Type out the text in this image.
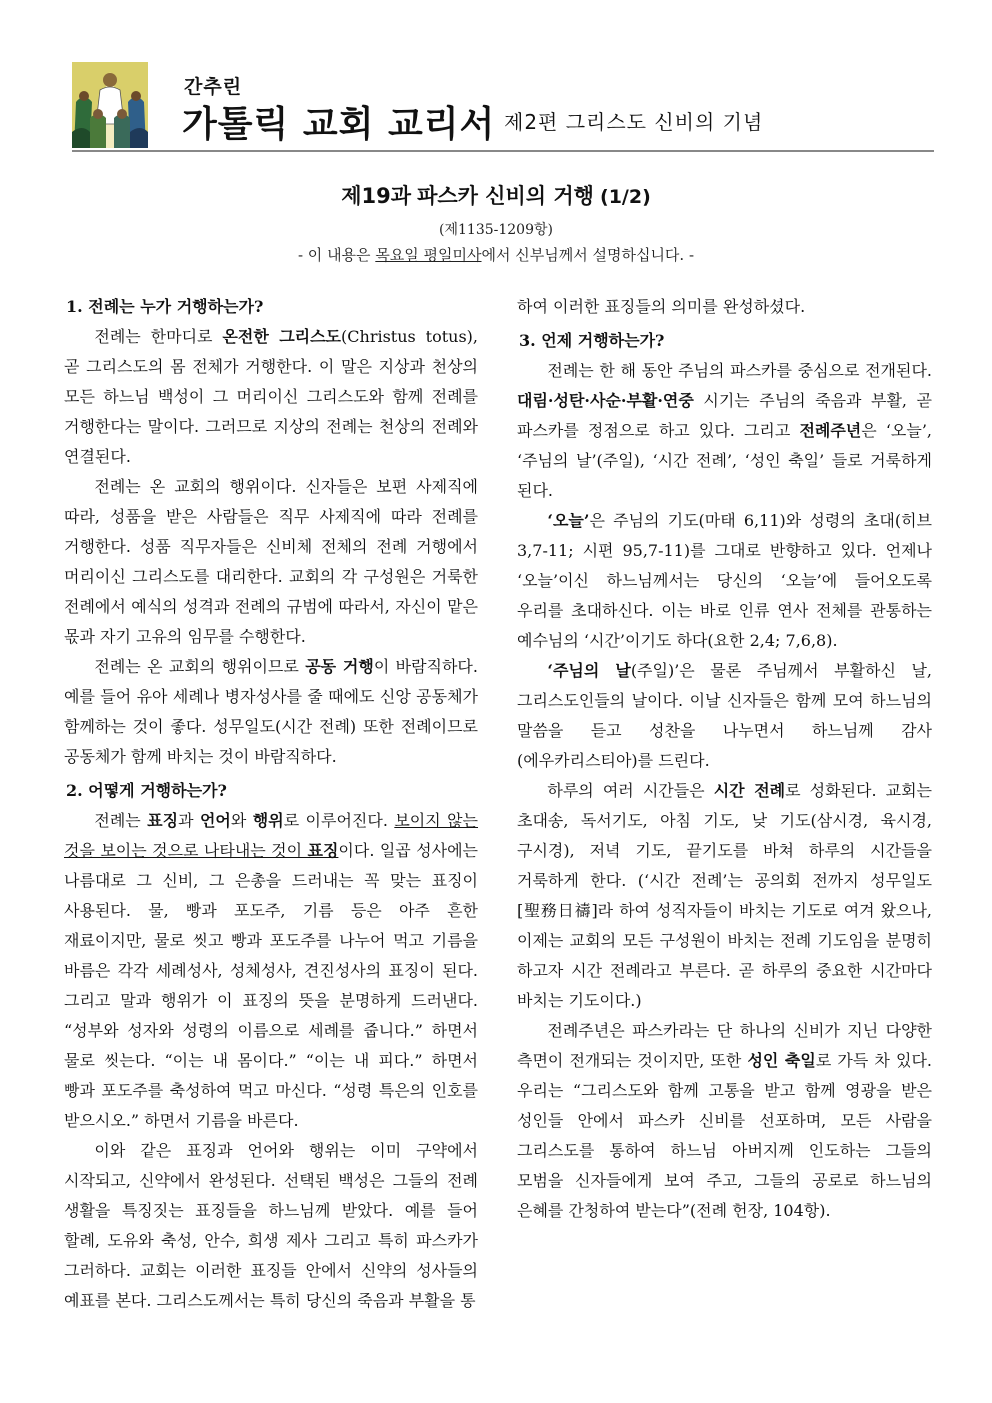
간추린
가톨릭 교회 교리서 제2편 그리스도 신비의 기념
제19과 파스카 신비의 거행 (1/2)
(제1135-1209항)
- 이 내용은 목요일 평일미사에서 신부님께서 설명하십니다. -
1. 전례는 누가 거행하는가?

전례는 한마디로 온전한 그리스도(Christus totus), 곧 그리스도의 몸 전체가 거행한다. 이 말은 지상과 천상의 모든 하느님 백성이 그 머리이신 그리스도와 함께 전례를 거행한다는 말이다. 그러므로 지상의 전례는 천상의 전례와 연결된다.

전례는 온 교회의 행위이다. 신자들은 보편 사제직에 따라, 성품을 받은 사람들은 직무 사제직에 따라 전례를 거행한다. 성품 직무자들은 신비체 전체의 전례 거행에서 머리이신 그리스도를 대리한다. 교회의 각 구성원은 거룩한 전례에서 예식의 성격과 전례의 규범에 따라서, 자신이 맡은 몫과 자기 고유의 임무를 수행한다.

전례는 온 교회의 행위이므로 공동 거행이 바람직하다. 예를 들어 유아 세례나 병자성사를 줄 때에도 신앙 공동체가 함께하는 것이 좋다. 성무일도(시간 전례) 또한 전례이므로 공동체가 함께 바치는 것이 바람직하다.

2. 어떻게 거행하는가?

전례는 표징과 언어와 행위로 이루어진다. 보이지 않는 것을 보이는 것으로 나타내는 것이 표징이다. 일곱 성사에는 나름대로 그 신비, 그 은총을 드러내는 꼭 맞는 표징이 사용된다. 물, 빵과 포도주, 기름 등은 아주 흔한 재료이지만, 물로 씻고 빵과 포도주를 나누어 먹고 기름을 바름은 각각 세례성사, 성체성사, 견진성사의 표징이 된다. 그리고 말과 행위가 이 표징의 뜻을 분명하게 드러낸다. “성부와 성자와 성령의 이름으로 세례를 줍니다.” 하면서 물로 씻는다. “이는 내 몸이다.” “이는 내 피다.” 하면서 빵과 포도주를 축성하여 먹고 마신다. “성령 특은의 인호를 받으시오.” 하면서 기름을 바른다.

이와 같은 표징과 언어와 행위는 이미 구약에서 시작되고, 신약에서 완성된다. 선택된 백성은 그들의 전례 생활을 특징짓는 표징들을 하느님께 받았다. 예를 들어 할례, 도유와 축성, 안수, 희생 제사 그리고 특히 파스카가 그러하다. 교회는 이러한 표징들 안에서 신약의 성사들의 예표를 본다. 그리스도께서는 특히 당신의 죽음과 부활을 통

하여 이러한 표징들의 의미를 완성하셨다.

3. 언제 거행하는가?

전례는 한 해 동안 주님의 파스카를 중심으로 전개된다. 대림·성탄·사순·부활·연중 시기는 주님의 죽음과 부활, 곧 파스카를 정점으로 하고 있다. 그리고 전례주년은 ‘오늘’, ‘주님의 날’(주일), ‘시간 전례’, ‘성인 축일’ 들로 거룩하게 된다.

‘오늘’은 주님의 기도(마태 6,11)와 성령의 초대(히브 3,7-11; 시편 95,7-11)를 그대로 반향하고 있다. 언제나 ‘오늘’이신 하느님께서는 당신의 ‘오늘’에 들어오도록 우리를 초대하신다. 이는 바로 인류 연사 전체를 관통하는 예수님의 ‘시간’이기도 하다(요한 2,4; 7,6,8).

‘주님의 날(주일)’은 물론 주님께서 부활하신 날, 그리스도인들의 날이다. 이날 신자들은 함께 모여 하느님의 말씀을 듣고 성찬을 나누면서 하느님께 감사(에우카리스티아)를 드린다.

하루의 여러 시간들은 시간 전례로 성화된다. 교회는 초대송, 독서기도, 아침 기도, 낮 기도(삼시경, 육시경, 구시경), 저녁 기도, 끝기도를 바쳐 하루의 시간들을 거룩하게 한다. (‘시간 전례’는 공의회 전까지 성무일도[聖務日禱]라 하여 성직자들이 바치는 기도로 여겨 왔으나, 이제는 교회의 모든 구성원이 바치는 전례 기도임을 분명히 하고자 시간 전례라고 부른다. 곧 하루의 중요한 시간마다 바치는 기도이다.)

전례주년은 파스카라는 단 하나의 신비가 지닌 다양한 측면이 전개되는 것이지만, 또한 성인 축일로 가득 차 있다. 우리는 “그리스도와 함께 고통을 받고 함께 영광을 받은 성인들 안에서 파스카 신비를 선포하며, 모든 사람을 그리스도를 통하여 하느님 아버지께 인도하는 그들의 모범을 신자들에게 보여 주고, 그들의 공로로 하느님의 은혜를 간청하여 받는다”(전례 헌장, 104항).
